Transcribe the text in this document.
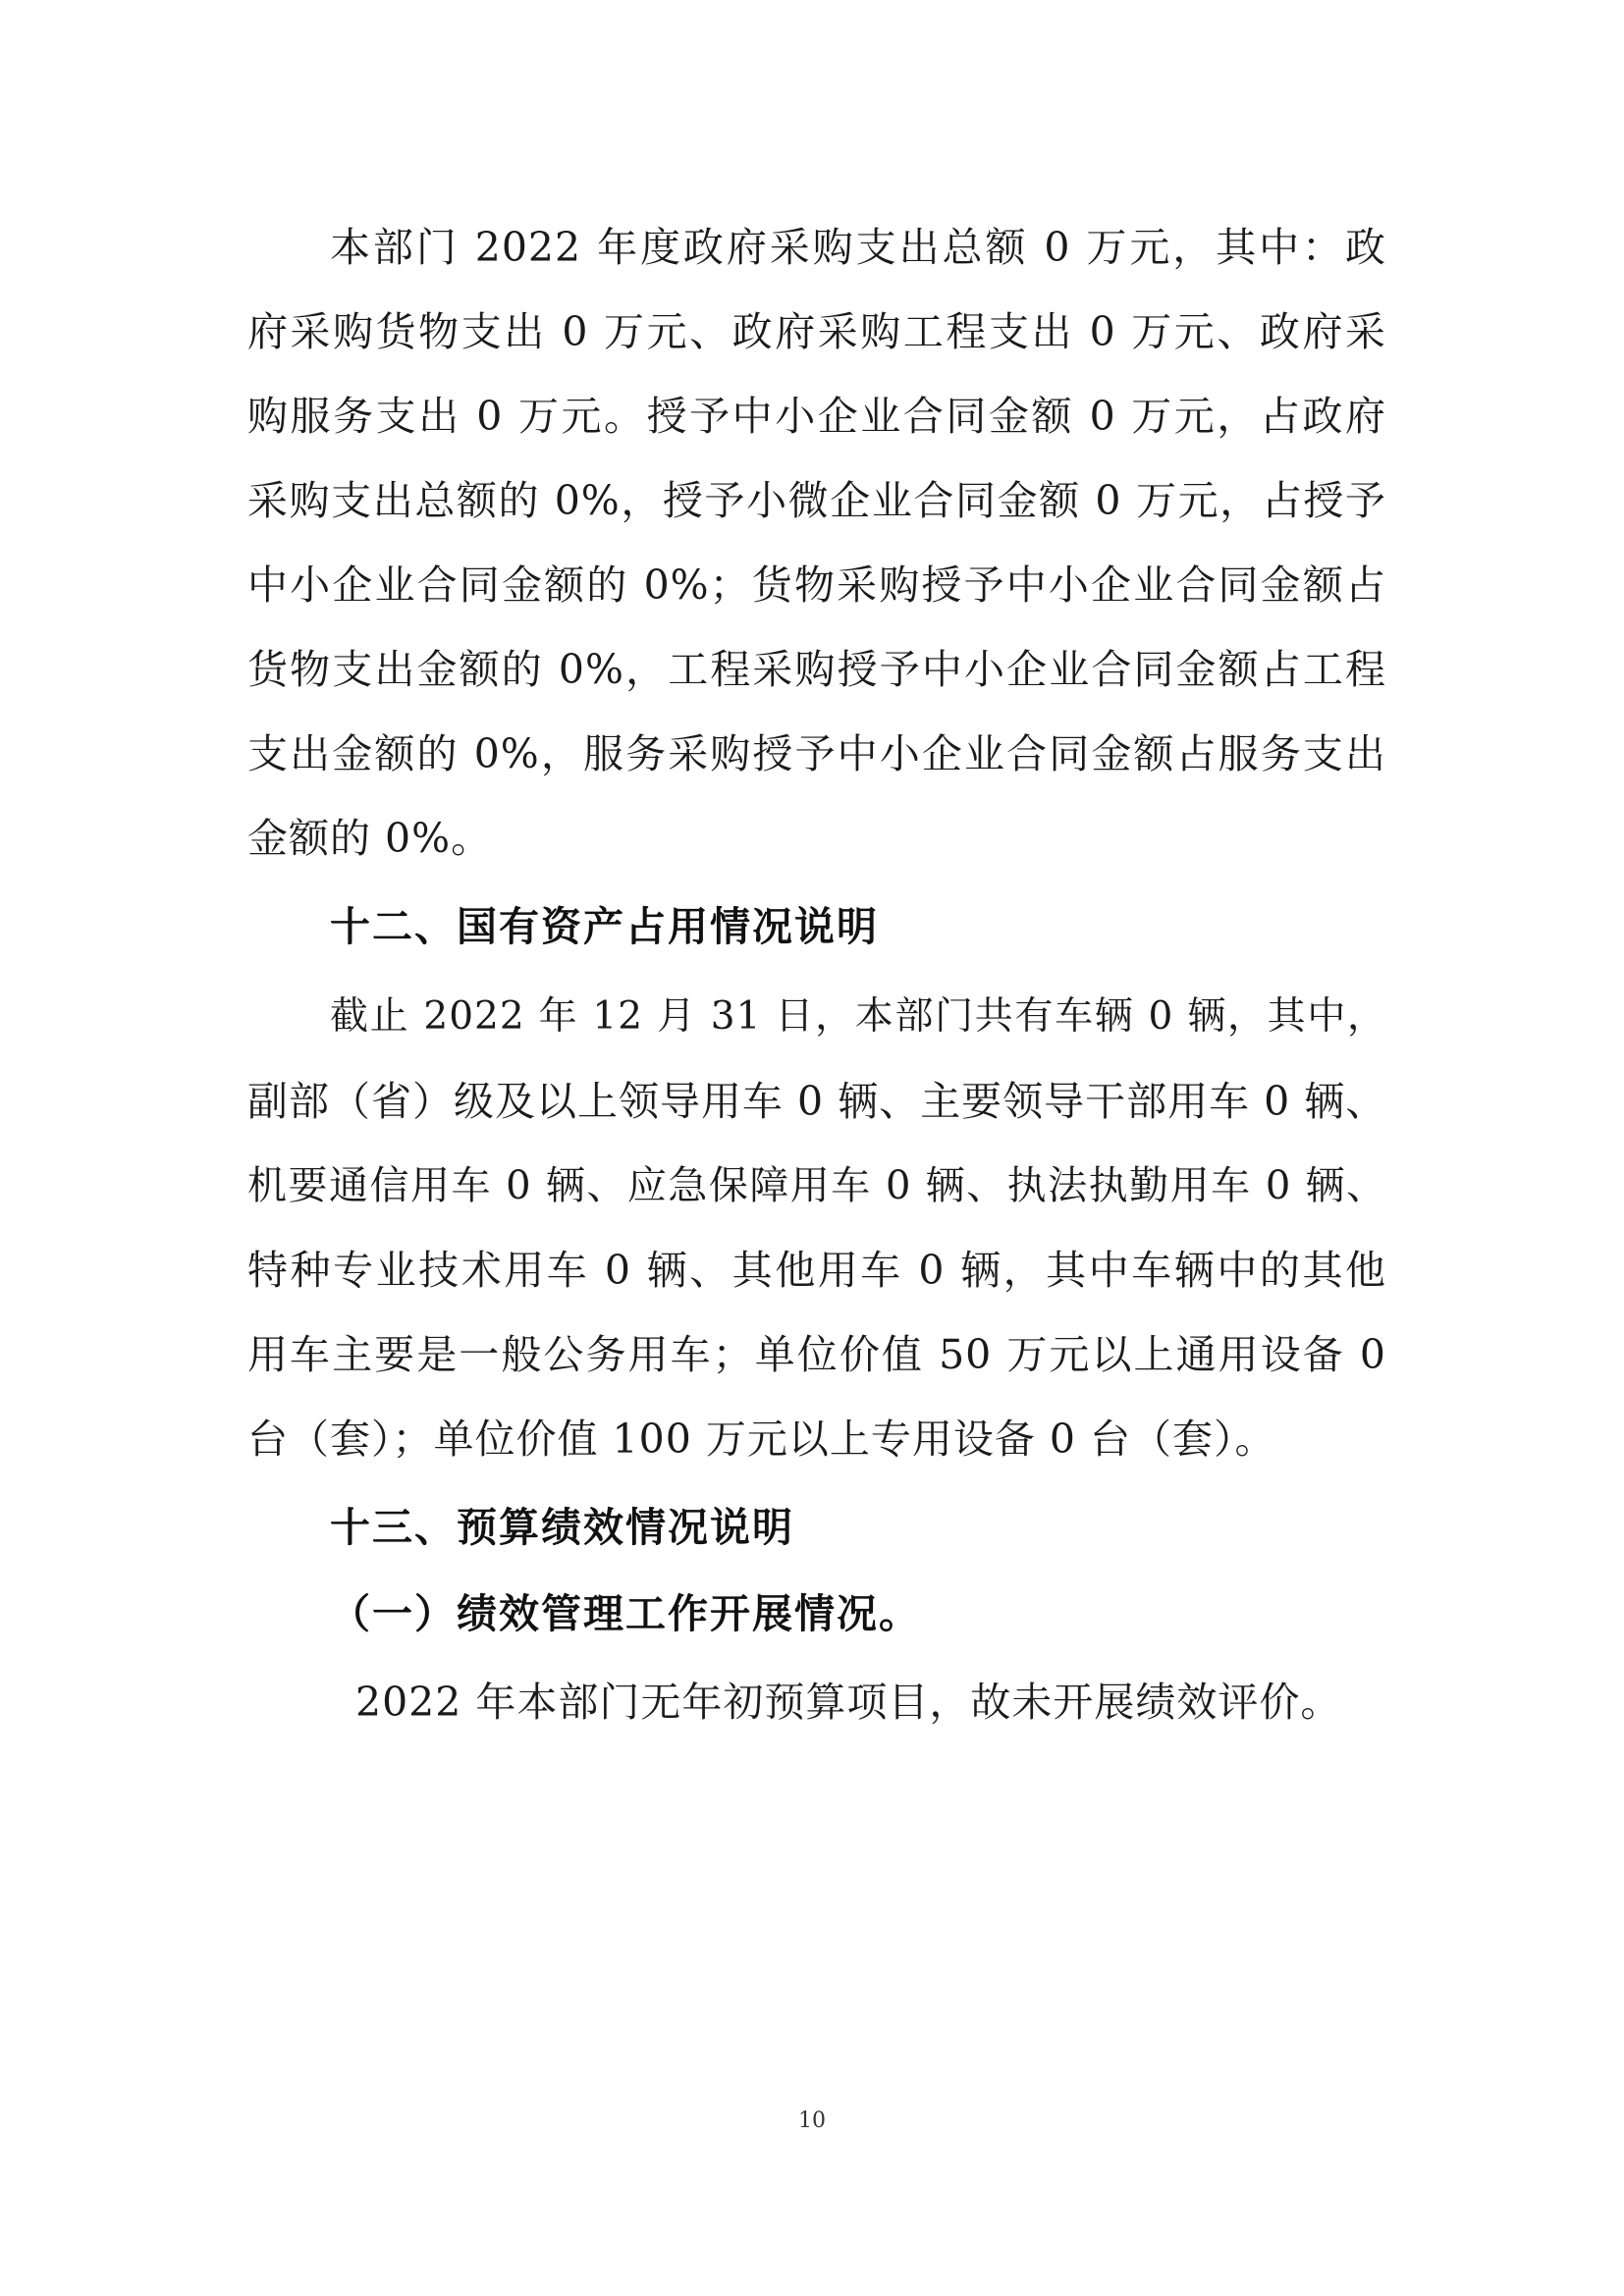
本部门 2022 年度政府采购支出总额 0 万元，其中：政
府采购货物支出 0 万元、政府采购工程支出 0 万元、政府采
购服务支出 0 万元。授予中小企业合同金额 0 万元，占政府
采购支出总额的 0%，授予小微企业合同金额 0 万元，占授予
中小企业合同金额的 0%；货物采购授予中小企业合同金额占
货物支出金额的 0%，工程采购授予中小企业合同金额占工程
支出金额的 0%，服务采购授予中小企业合同金额占服务支出
金额的 0%。
十二、国有资产占用情况说明
截止 2022 年 12 月 31 日，本部门共有车辆 0 辆，其中，
副部（省）级及以上领导用车 0 辆、主要领导干部用车 0 辆、
机要通信用车 0 辆、应急保障用车 0 辆、执法执勤用车 0 辆、
特种专业技术用车 0 辆、其他用车 0 辆，其中车辆中的其他
用车主要是一般公务用车；单位价值 50 万元以上通用设备 0
台（套）；单位价值 100 万元以上专用设备 0 台（套）。
十三、预算绩效情况说明
（一）绩效管理工作开展情况。
2022 年本部门无年初预算项目，故未开展绩效评价。
10
